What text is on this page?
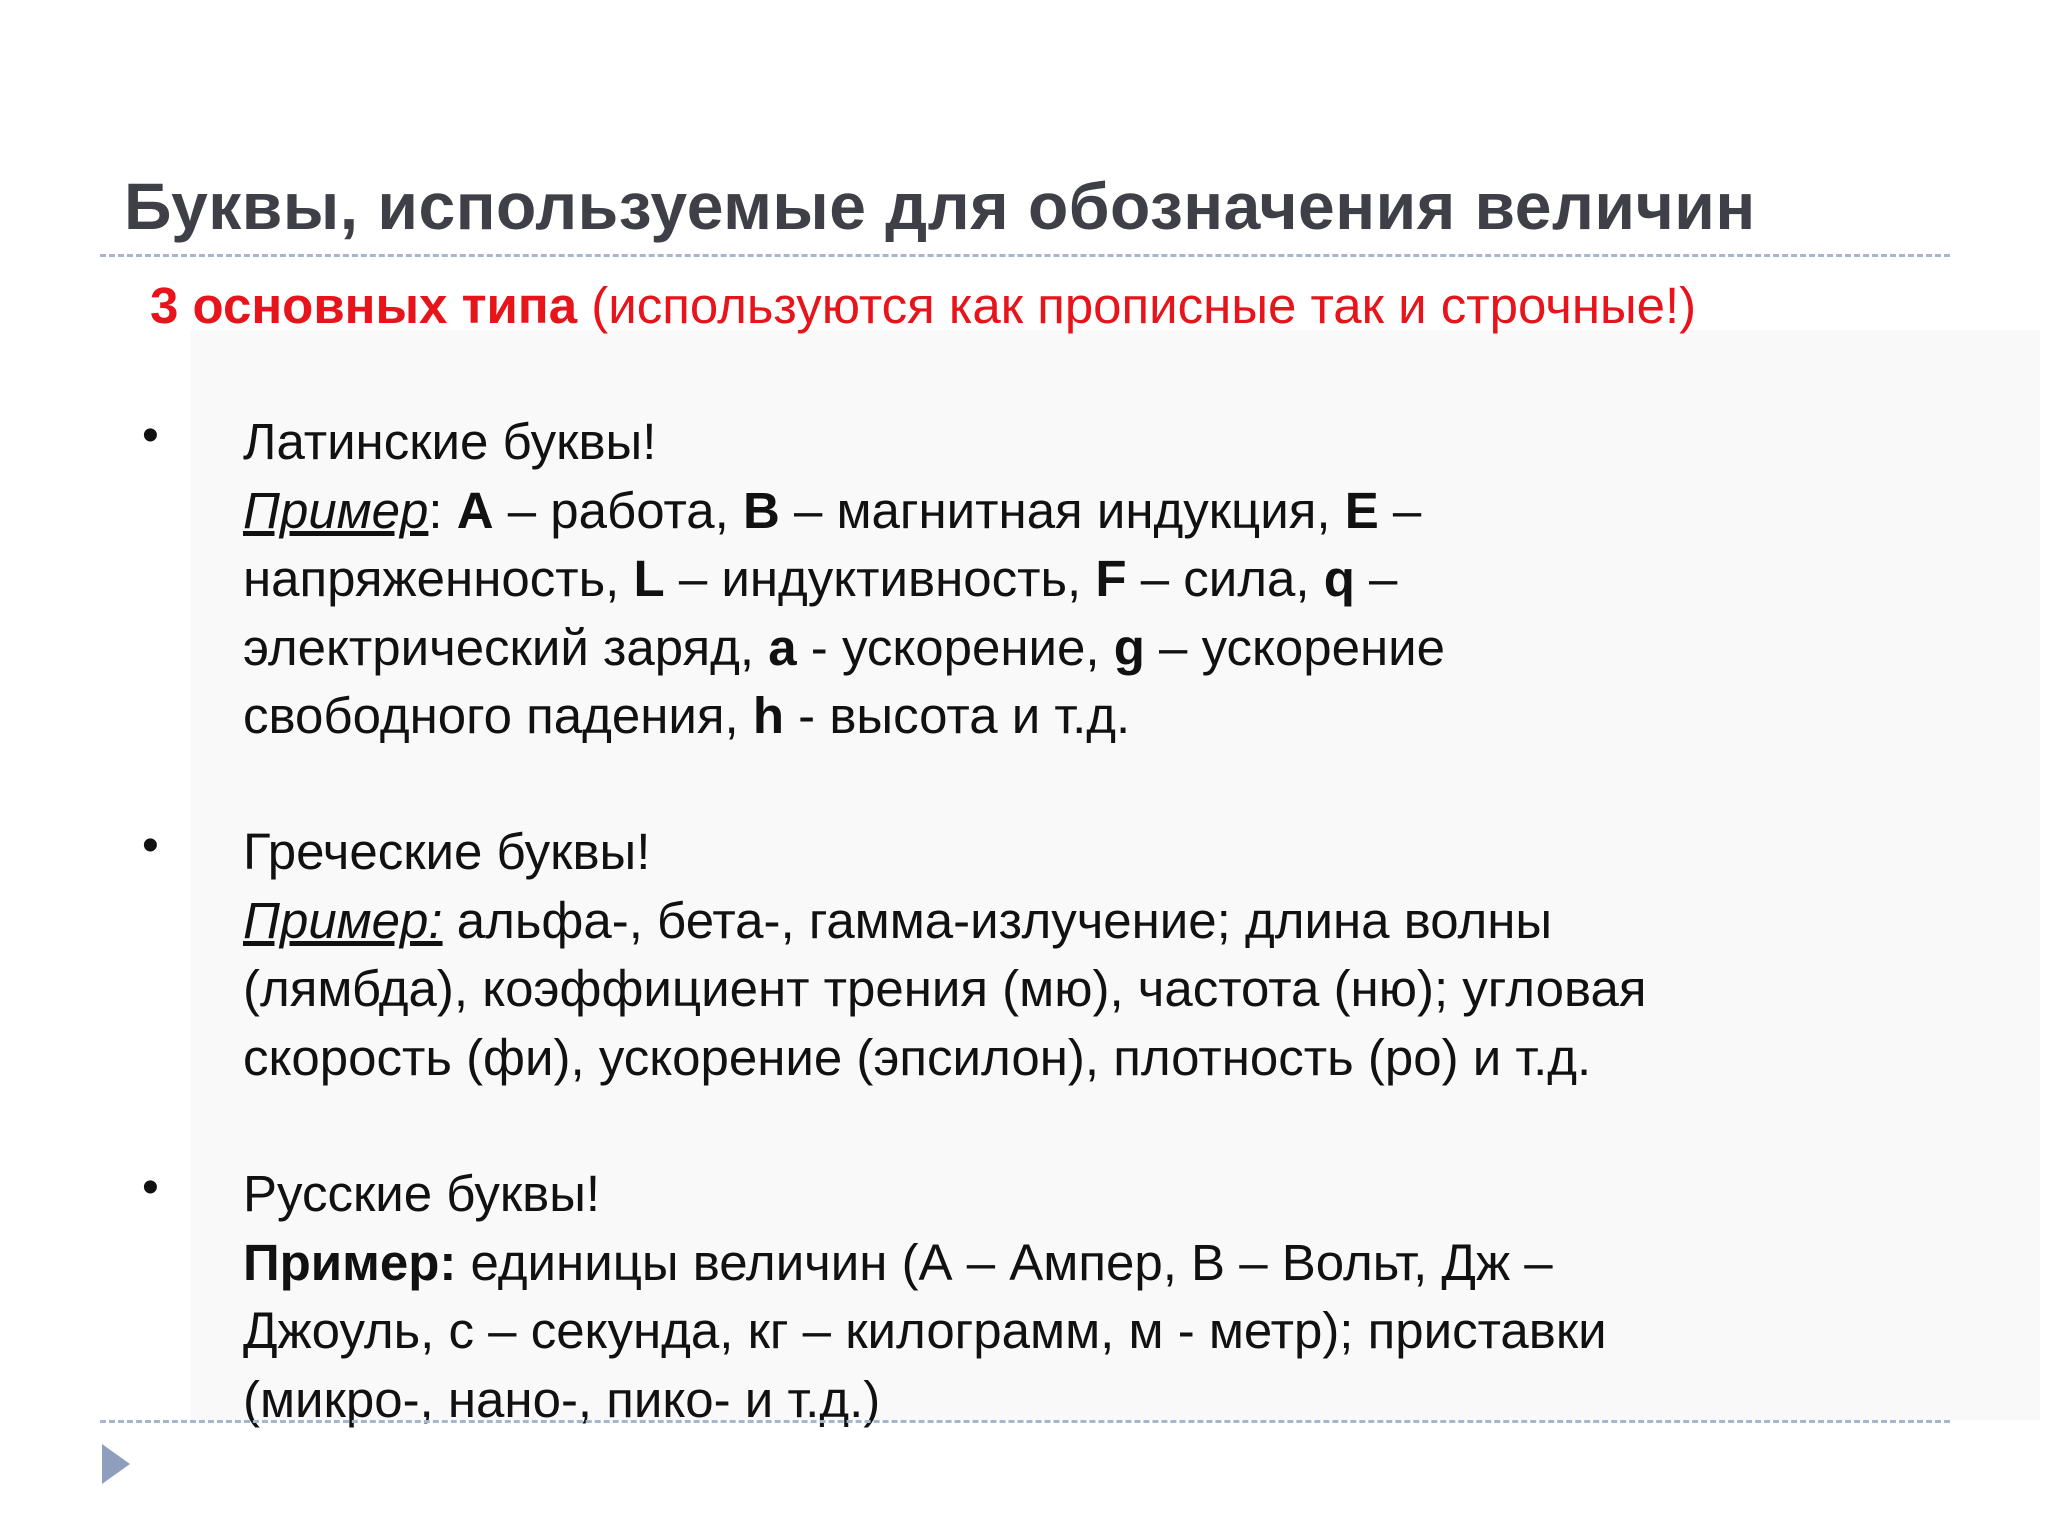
Буквы, используемые для обозначения величин

3 основных типа (используются как прописные так и строчные!)

• Латинские буквы!

Пример: A – работа, B – магнитная индукция, E –

напряженность, L – индуктивность, F – сила, q –

электрический заряд, a - ускорение, g – ускорение

свободного падения, h - высота и т.д.

• Греческие буквы!

Пример: альфа-, бета-, гамма-излучение; длина волны

(лямбда), коэффициент трения (мю), частота (ню); угловая

скорость (фи), ускорение (эпсилон), плотность (ро) и т.д.

• Русские буквы!

Пример: единицы величин (А – Ампер, В – Вольт, Дж –

Джоуль, с – секунда, кг – килограмм, м - метр); приставки

(микро-, нано-, пико- и т.д.)
